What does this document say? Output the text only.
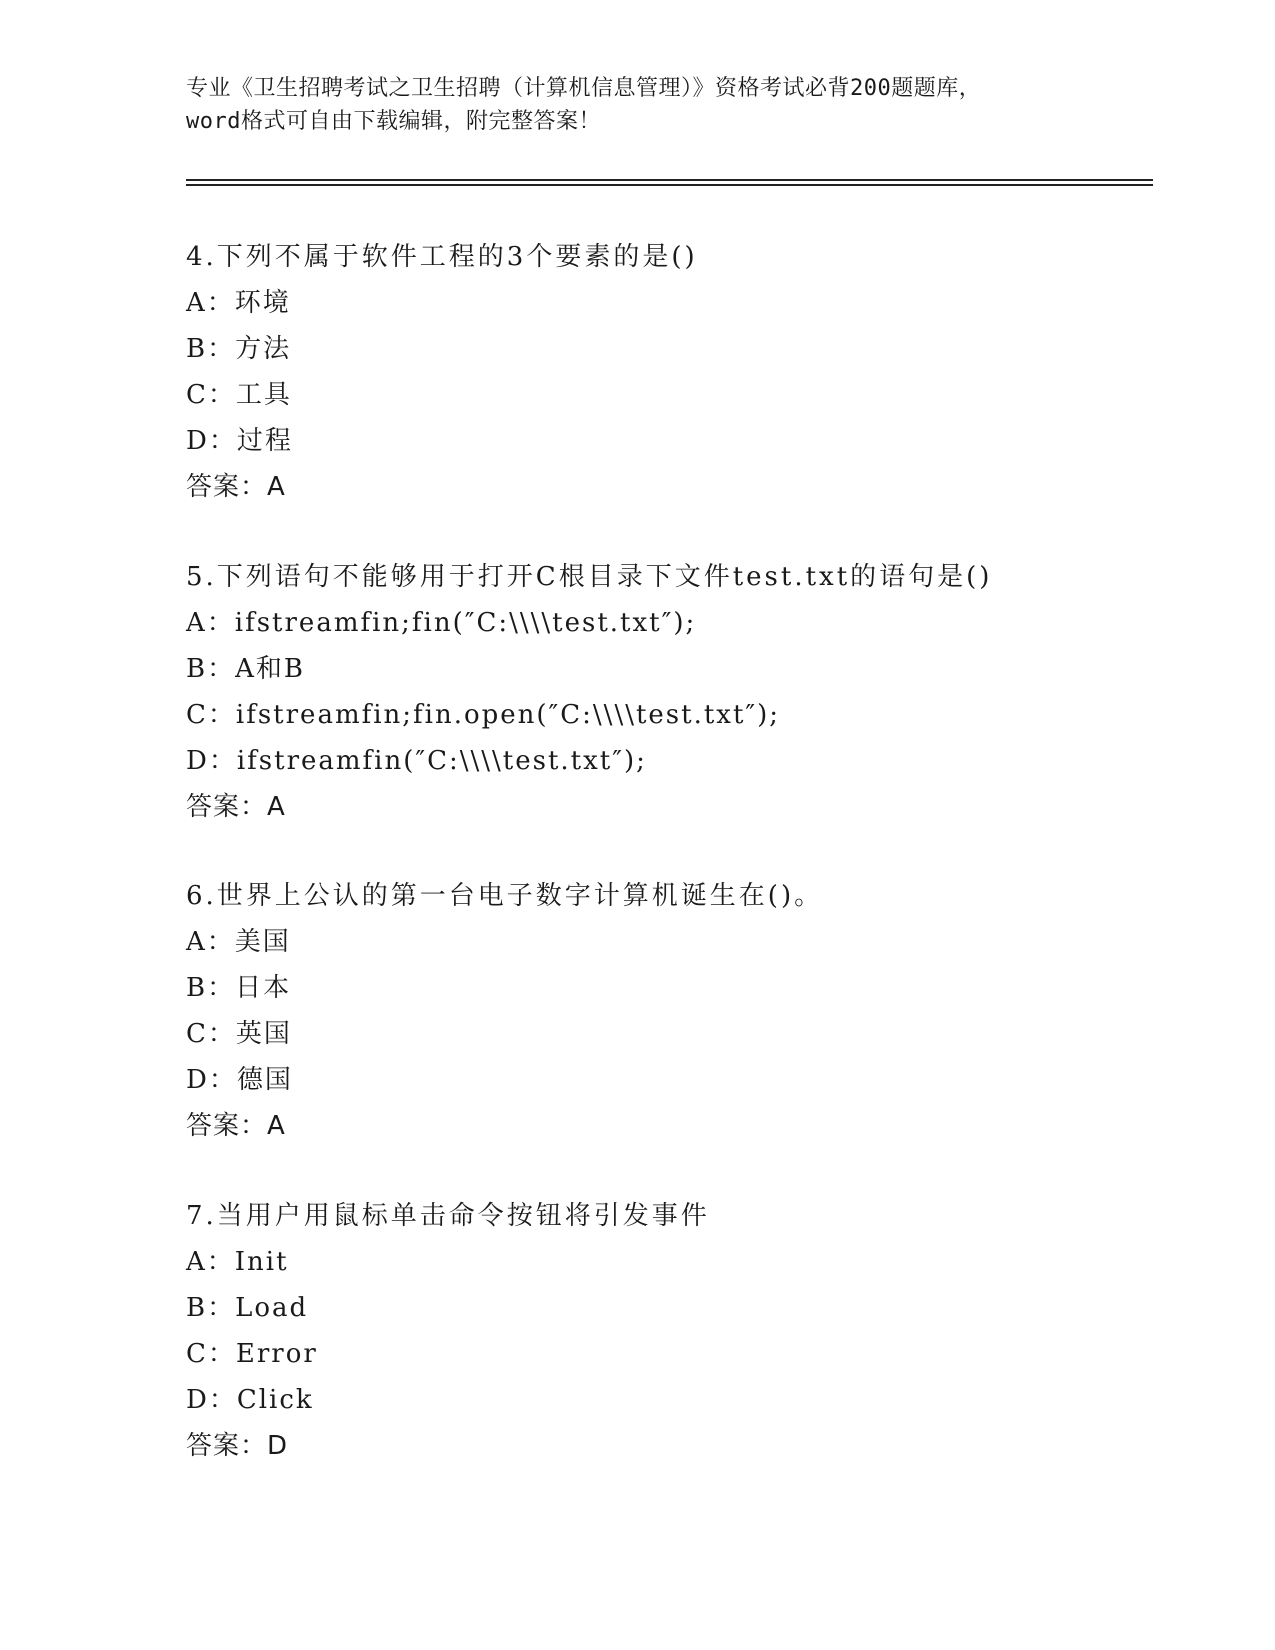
专业《卫生招聘考试之卫生招聘（计算机信息管理）》资格考试必背200题题库，
word格式可自由下载编辑，附完整答案！
4.下列不属于软件工程的3个要素的是()
A：环境
B：方法
C：工具
D：过程
答案：A
5.下列语句不能够用于打开C根目录下文件test.txt的语句是()
A：ifstreamfin;fin(″C:\\\\test.txt″);
B：A和B
C：ifstreamfin;fin.open(″C:\\\\test.txt″);
D：ifstreamfin(″C:\\\\test.txt″);
答案：A
6.世界上公认的第一台电子数字计算机诞生在()。
A：美国
B：日本
C：英国
D：德国
答案：A
7.当用户用鼠标单击命令按钮将引发事件
A：Init
B：Load
C：Error
D：Click
答案：D
